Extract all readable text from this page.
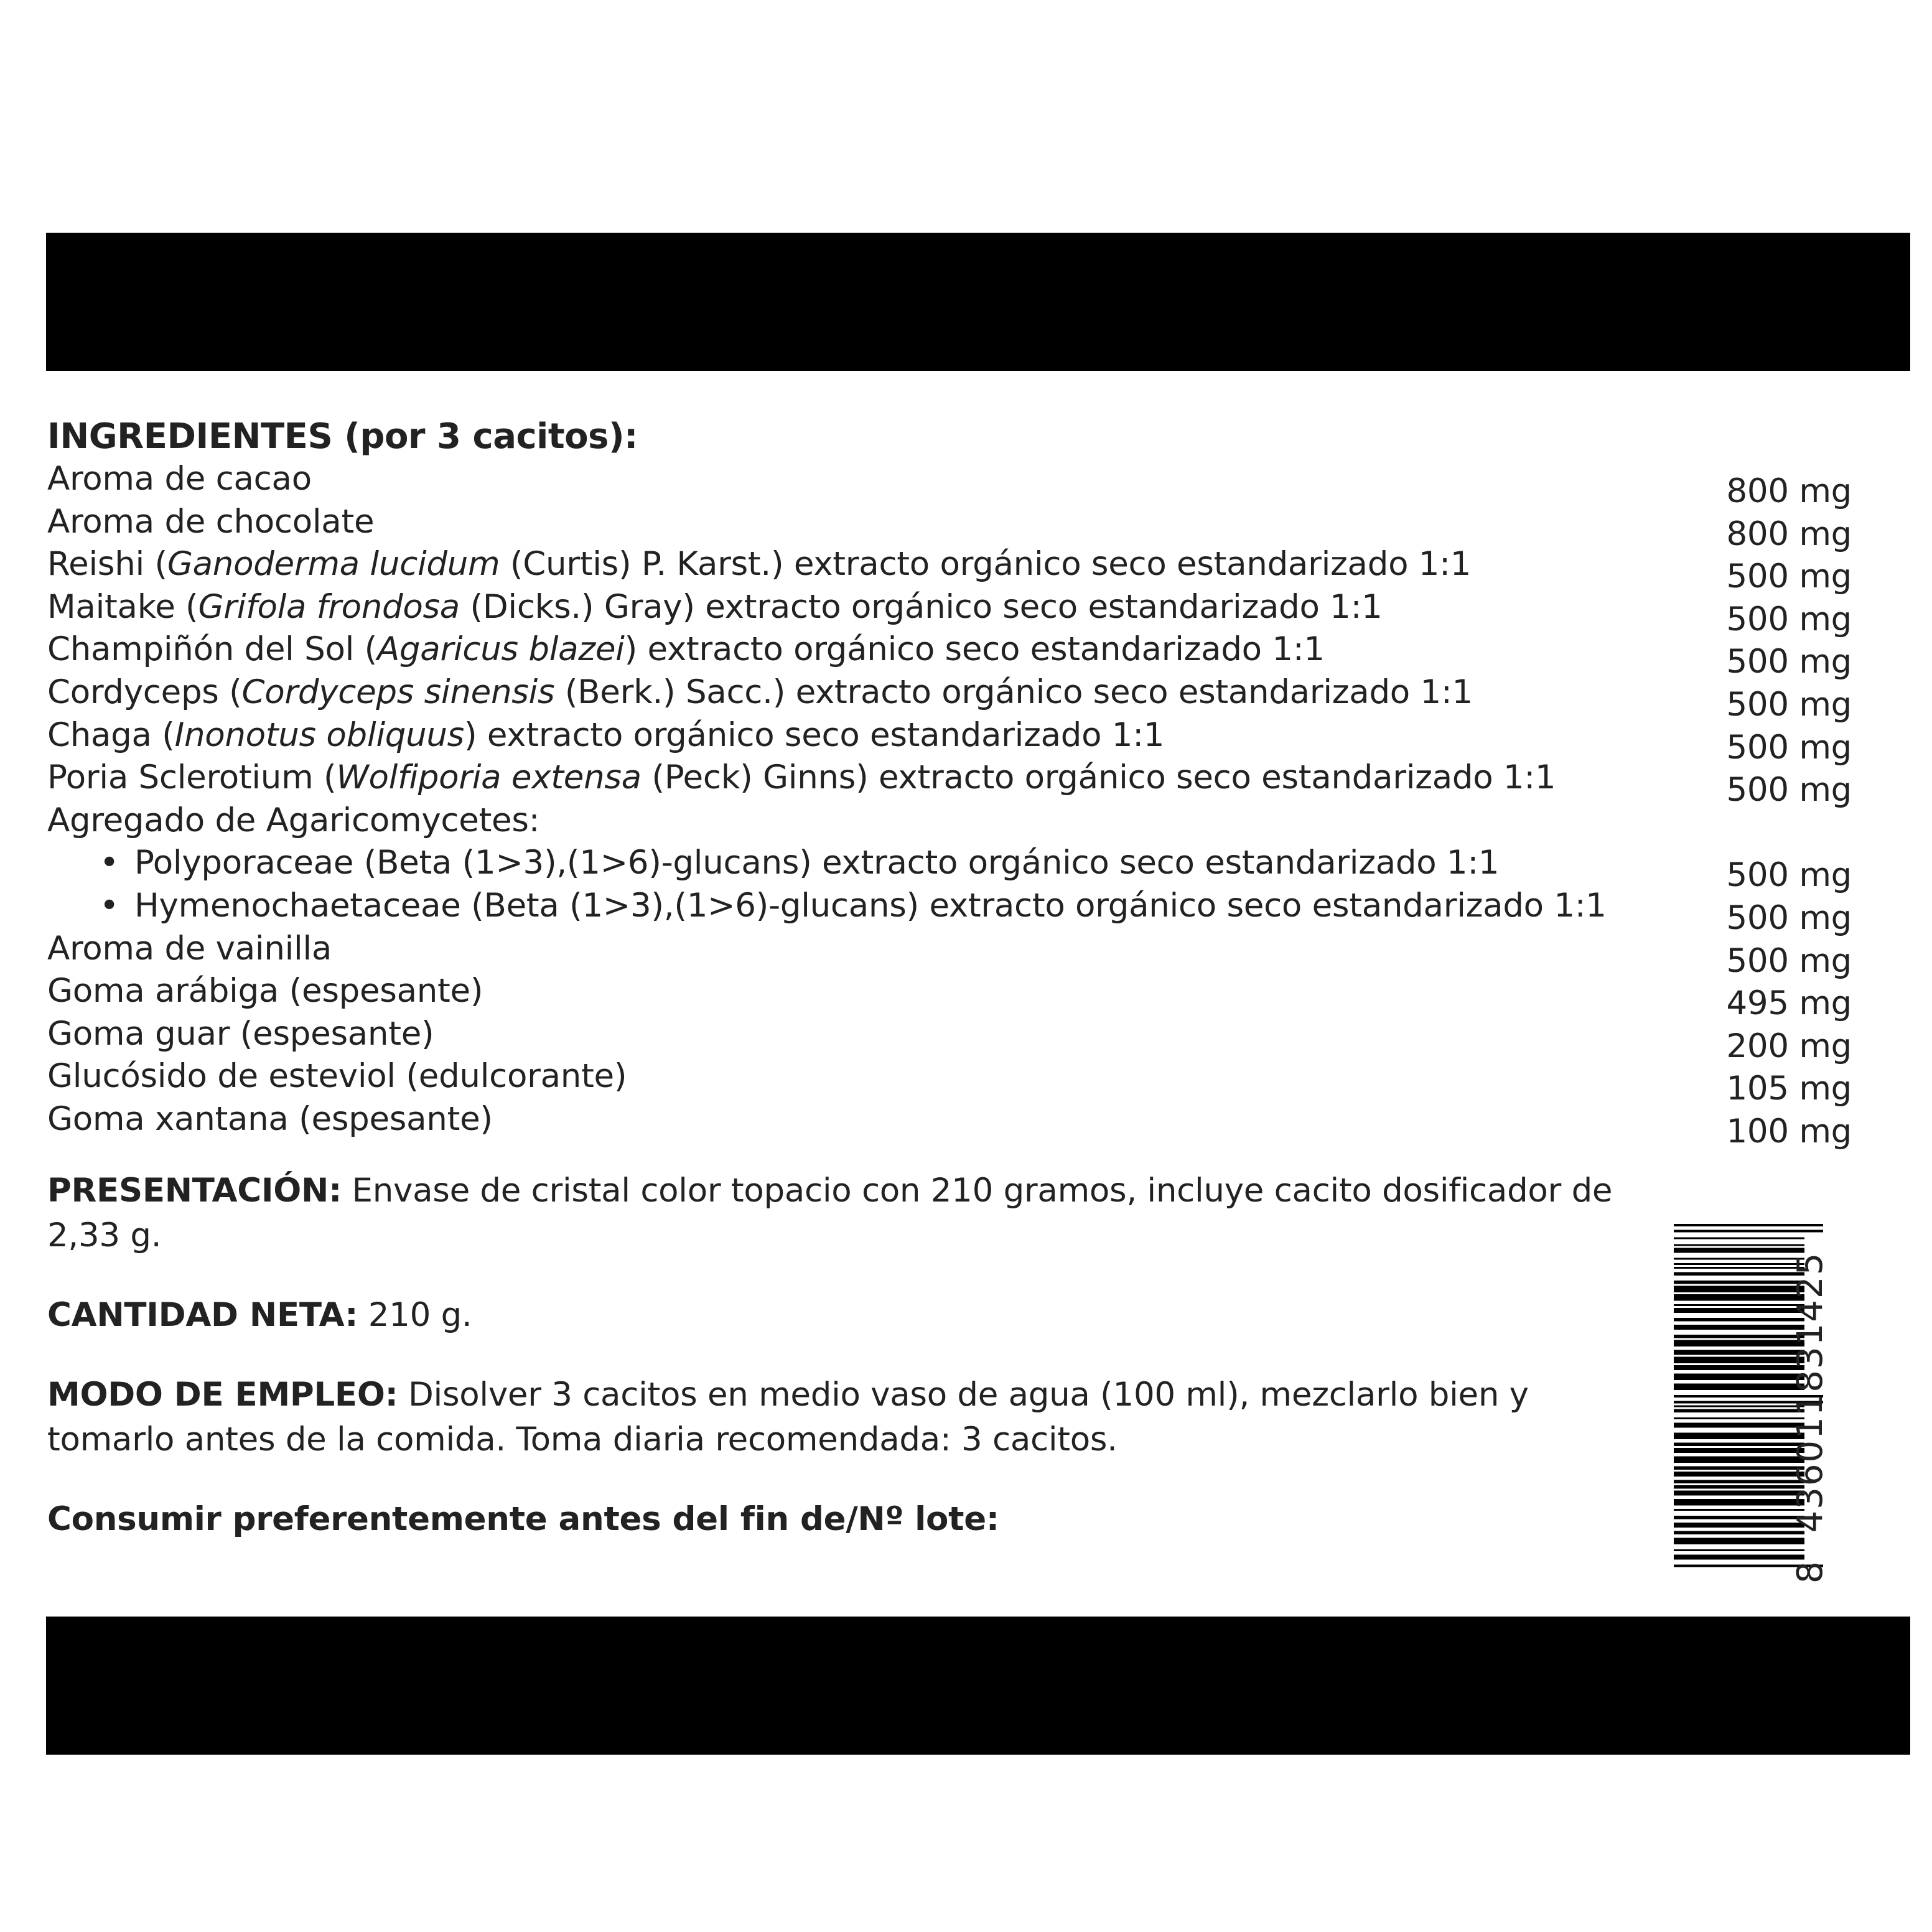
INGREDIENTES (por 3 cacitos):
Aroma de cacao	800 mg
Aroma de chocolate	800 mg
Reishi (Ganoderma lucidum (Curtis) P. Karst.) extracto orgánico seco estandarizado 1:1	500 mg
Maitake (Grifola frondosa (Dicks.) Gray) extracto orgánico seco estandarizado 1:1	500 mg
Champiñón del Sol (Agaricus blazei) extracto orgánico seco estandarizado 1:1	500 mg
Cordyceps (Cordyceps sinensis (Berk.) Sacc.) extracto orgánico seco estandarizado 1:1	500 mg
Chaga (Inonotus obliquus) extracto orgánico seco estandarizado 1:1	500 mg
Poria Sclerotium (Wolfiporia extensa (Peck) Ginns) extracto orgánico seco estandarizado 1:1	500 mg
Agregado de Agaricomycetes:
• Polyporaceae (Beta (1>3),(1>6)-glucans) extracto orgánico seco estandarizado 1:1	500 mg
• Hymenochaetaceae (Beta (1>3),(1>6)-glucans) extracto orgánico seco estandarizado 1:1	500 mg
Aroma de vainilla	500 mg
Goma arábiga (espesante)	495 mg
Goma guar (espesante)	200 mg
Glucósido de esteviol (edulcorante)	105 mg
Goma xantana (espesante)	100 mg

PRESENTACIÓN: Envase de cristal color topacio con 210 gramos, incluye cacito dosificador de 2,33 g.

CANTIDAD NETA: 210 g.

MODO DE EMPLEO: Disolver 3 cacitos en medio vaso de agua (100 ml), mezclarlo bien y tomarlo antes de la comida. Toma diaria recomendada: 3 cacitos.

Consumir preferentemente antes del fin de/Nº lote:

8436011831425
